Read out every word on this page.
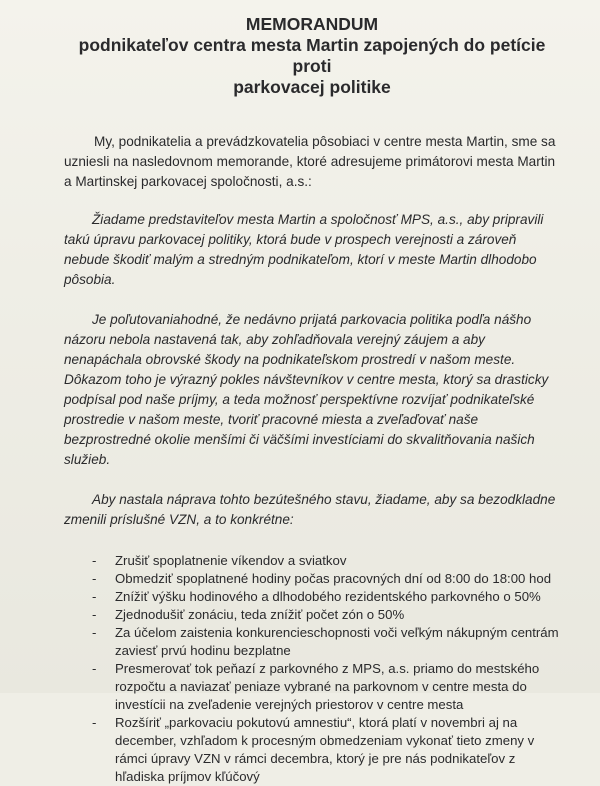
MEMORANDUM
podnikateľov centra mesta Martin zapojených do petície proti
parkovacej politike

My, podnikatelia a prevádzkovatelia pôsobiaci v centre mesta Martin, sme sa uzniesli na nasledovnom memorande, ktoré adresujeme primátorovi mesta Martin a Martinskej parkovacej spoločnosti, a.s.:

Žiadame predstaviteľov mesta Martin a spoločnosť MPS, a.s., aby pripravili takú úpravu parkovacej politiky, ktorá bude v prospech verejnosti a zároveň nebude škodiť malým a stredným podnikateľom, ktorí v meste Martin dlhodobo pôsobia.

Je poľutovaniahodné, že nedávno prijatá parkovacia politika podľa nášho názoru nebola nastavená tak, aby zohľadňovala verejný záujem a aby nenapáchala obrovské škody na podnikateľskom prostredí v našom meste. Dôkazom toho je výrazný pokles návštevníkov v centre mesta, ktorý sa drasticky podpísal pod naše príjmy, a teda možnosť perspektívne rozvíjať podnikateľské prostredie v našom meste, tvoriť pracovné miesta a zveľaďovať naše bezprostredné okolie menšími či väčšími investíciami do skvalitňovania našich služieb.

Aby nastala náprava tohto bezútešného stavu, žiadame, aby sa bezodkladne zmenili príslušné VZN, a to konkrétne:

-	Zrušiť spoplatnenie víkendov a sviatkov
-	Obmedziť spoplatnené hodiny počas pracovných dní od 8:00 do 18:00 hod
-	Znížiť výšku hodinového a dlhodobého rezidentského parkovného o 50%
-	Zjednodušiť zonáciu, teda znížiť počet zón o 50%
-	Za účelom zaistenia konkurencieschopnosti voči veľkým nákupným centrám zaviesť prvú hodinu bezplatne
-	Presmerovať tok peňazí z parkovného z MPS, a.s. priamo do mestského rozpočtu a naviazať peniaze vybrané na parkovnom v centre mesta do investícii na zveľadenie verejných priestorov v centre mesta
-	Rozšíriť „parkovaciu pokutovú amnestiu“, ktorá platí v novembri aj na december, vzhľadom k procesným obmedzeniam vykonať tieto zmeny v rámci úpravy VZN v rámci decembra, ktorý je pre nás podnikateľov z hľadiska príjmov kľúčový
